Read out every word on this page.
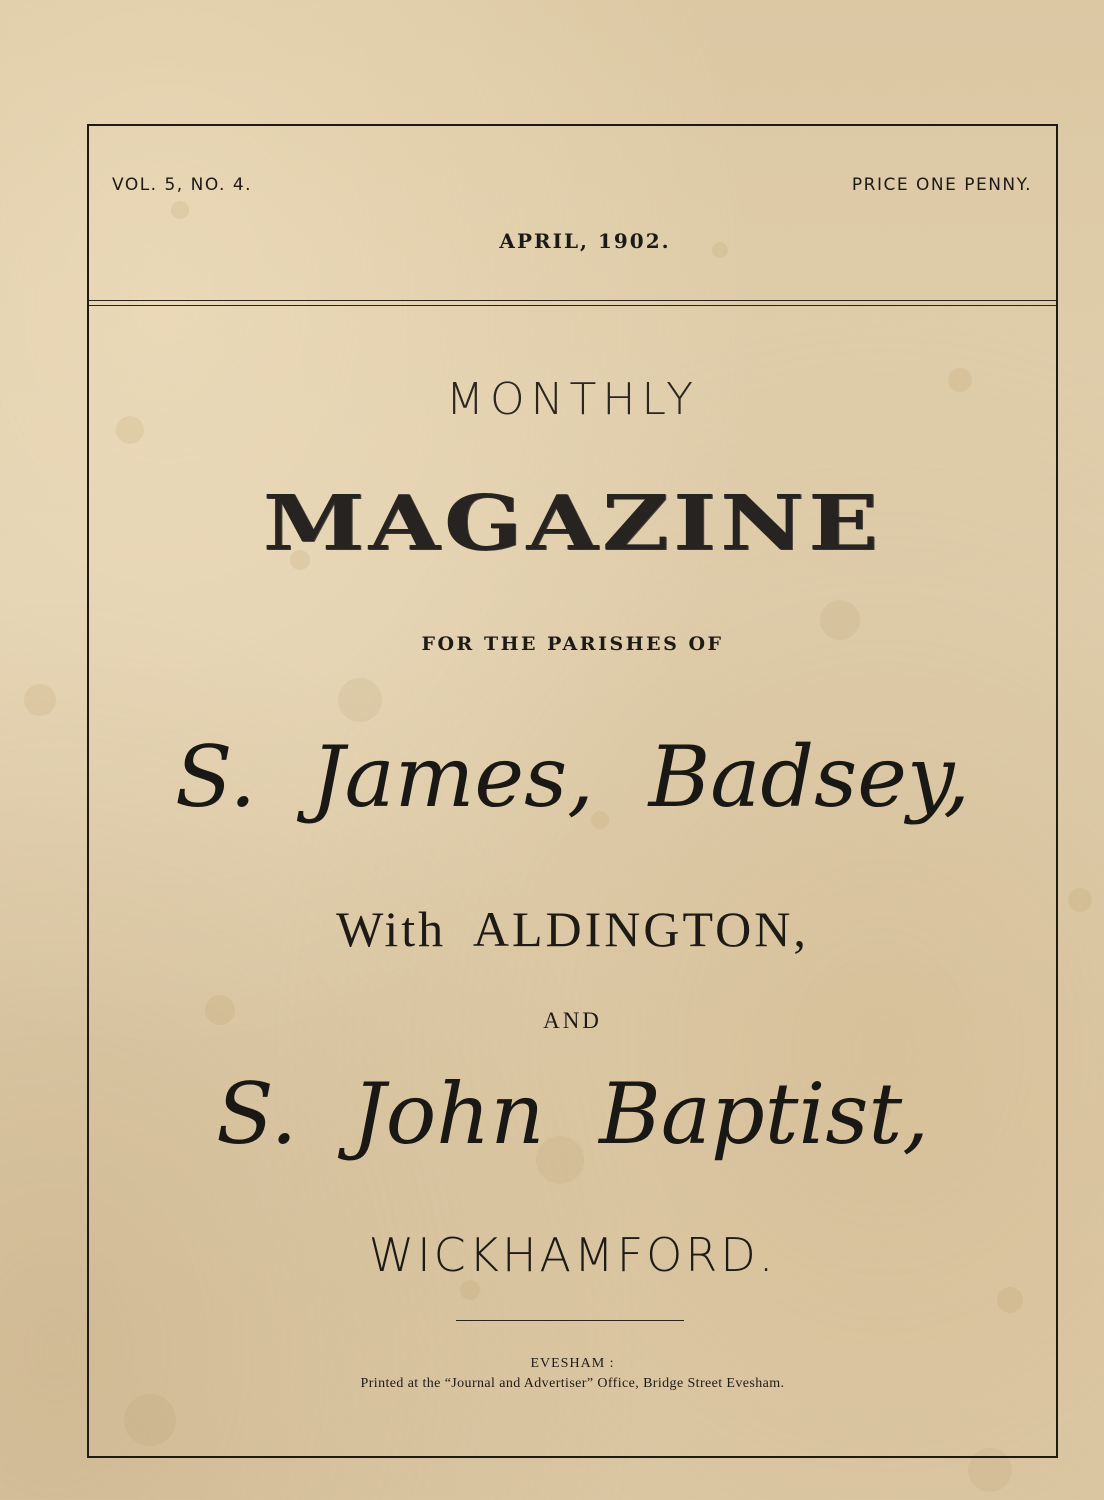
VOL. 5, NO. 4.	PRICE ONE PENNY.
APRIL, 1902.
MONTHLY
MAGAZINE
FOR THE PARISHES OF
S. James, Badsey,
With ALDINGTON,
AND
S. John Baptist,
WICKHAMFORD.
EVESHAM :
Printed at the “Journal and Advertiser” Office, Bridge Street Evesham.
